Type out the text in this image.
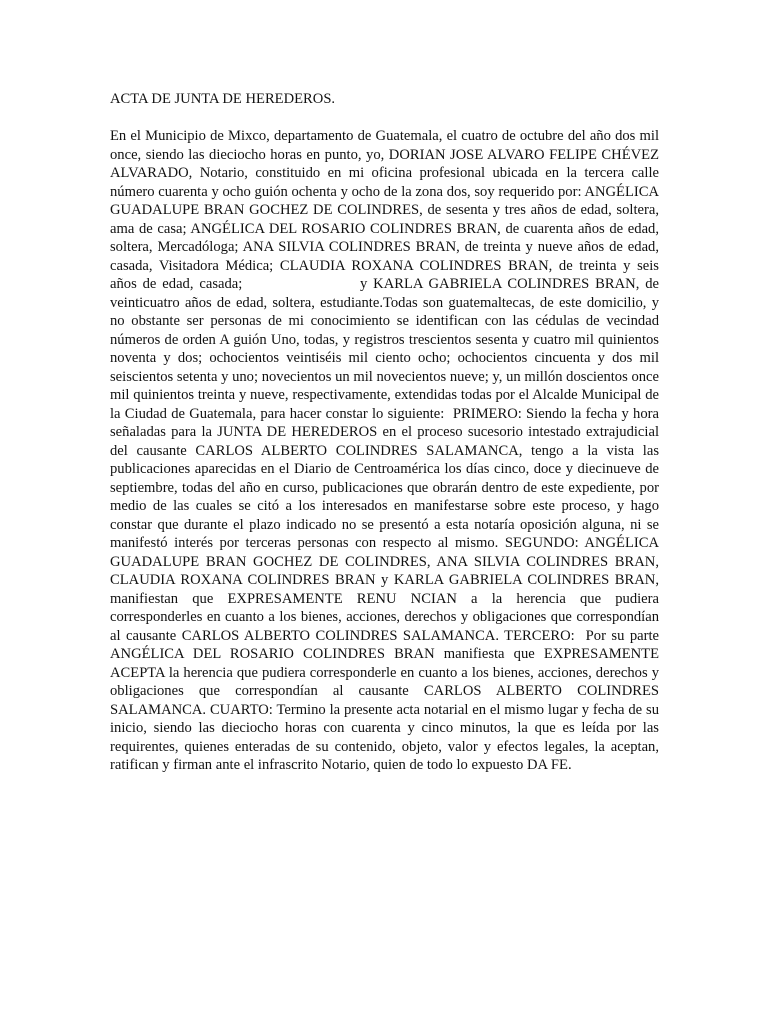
ACTA DE JUNTA DE HEREDEROS.

En el Municipio de Mixco, departamento de Guatemala, el cuatro de octubre del año dos mil once, siendo las dieciocho horas en punto, yo, DORIAN JOSE ALVARO FELIPE CHÉVEZ ALVARADO, Notario, constituido en mi oficina profesional ubicada en la tercera calle número cuarenta y ocho guión ochenta y ocho de la zona dos, soy requerido por: ANGÉLICA GUADALUPE BRAN GOCHEZ DE COLINDRES, de sesenta y tres años de edad, soltera, ama de casa; ANGÉLICA DEL ROSARIO COLINDRES BRAN, de cuarenta años de edad, soltera, Mercadóloga; ANA SILVIA COLINDRES BRAN, de treinta y nueve años de edad, casada, Visitadora Médica; CLAUDIA ROXANA COLINDRES BRAN, de treinta y seis años de edad, casada;                    y KARLA GABRIELA COLINDRES BRAN, de veinticuatro años de edad, soltera, estudiante.Todas son guatemaltecas, de este domicilio, y no obstante ser personas de mi conocimiento se identifican con las cédulas de vecindad números de orden A guión Uno, todas, y registros trescientos sesenta y cuatro mil quinientos noventa y dos; ochocientos veintiséis mil ciento ocho; ochocientos cincuenta y dos mil seiscientos setenta y uno; novecientos un mil novecientos nueve; y, un millón doscientos once mil quinientos treinta y nueve, respectivamente, extendidas todas por el Alcalde Municipal de la Ciudad de Guatemala, para hacer constar lo siguiente:  PRIMERO: Siendo la fecha y hora señaladas para la JUNTA DE HEREDEROS en el proceso sucesorio intestado extrajudicial del causante CARLOS ALBERTO COLINDRES SALAMANCA, tengo a la vista las publicaciones aparecidas en el Diario de Centroamérica los días cinco, doce y diecinueve de septiembre, todas del año en curso, publicaciones que obrarán dentro de este expediente, por medio de las cuales se citó a los interesados en manifestarse sobre este proceso, y hago constar que durante el plazo indicado no se presentó a esta notaría oposición alguna, ni se manifestó interés por terceras personas con respecto al mismo. SEGUNDO: ANGÉLICA GUADALUPE BRAN GOCHEZ DE COLINDRES, ANA SILVIA COLINDRES BRAN, CLAUDIA ROXANA COLINDRES BRAN y KARLA GABRIELA COLINDRES BRAN, manifiestan que EXPRESAMENTE RENU NCIAN a la herencia que pudiera corresponderles en cuanto a los bienes, acciones, derechos y obligaciones que correspondían al causante CARLOS ALBERTO COLINDRES SALAMANCA. TERCERO:  Por su parte ANGÉLICA DEL ROSARIO COLINDRES BRAN manifiesta que EXPRESAMENTE ACEPTA la herencia que pudiera corresponderle en cuanto a los bienes, acciones, derechos y obligaciones que correspondían al causante CARLOS ALBERTO COLINDRES SALAMANCA. CUARTO: Termino la presente acta notarial en el mismo lugar y fecha de su inicio, siendo las dieciocho horas con cuarenta y cinco minutos, la que es leída por las requirentes, quienes enteradas de su contenido, objeto, valor y efectos legales, la aceptan, ratifican y firman ante el infrascrito Notario, quien de todo lo expuesto DA FE.
